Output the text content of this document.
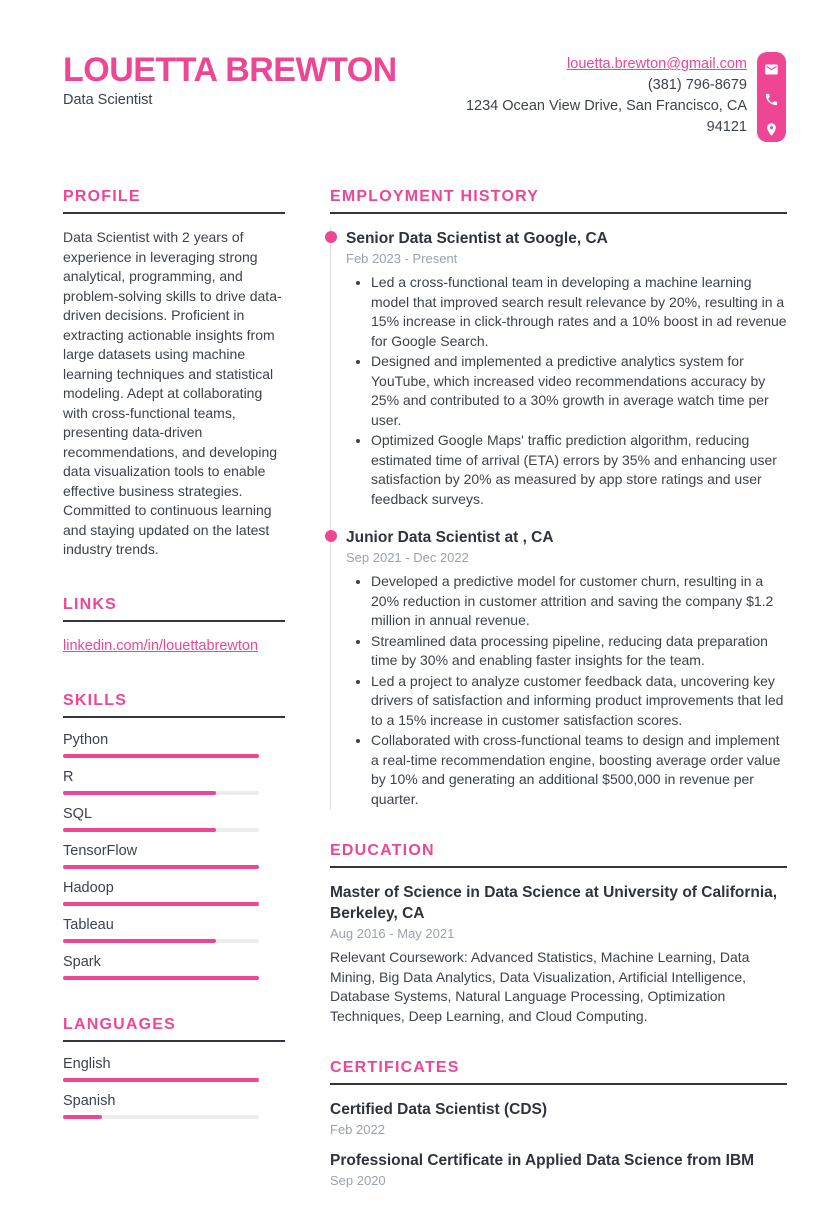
LOUETTA BREWTON
Data Scientist
louetta.brewton@gmail.com
(381) 796-8679
1234 Ocean View Drive, San Francisco, CA
94121
PROFILE

Data Scientist with 2 years of experience in leveraging strong analytical, programming, and problem-solving skills to drive data-driven decisions. Proficient in extracting actionable insights from large datasets using machine learning techniques and statistical modeling. Adept at collaborating with cross-functional teams, presenting data-driven recommendations, and developing data visualization tools to enable effective business strategies. Committed to continuous learning and staying updated on the latest industry trends.

LINKS
linkedin.com/in/louettabrewton
SKILLS
Python
R
SQL
TensorFlow
Hadoop
Tableau
Spark
LANGUAGES
English
Spanish
EMPLOYMENT HISTORY
Senior Data Scientist at Google, CA
Feb 2023 - Present
• Led a cross-functional team in developing a machine learning model that improved search result relevance by 20%, resulting in a 15% increase in click-through rates and a 10% boost in ad revenue for Google Search.
• Designed and implemented a predictive analytics system for YouTube, which increased video recommendations accuracy by 25% and contributed to a 30% growth in average watch time per user.
• Optimized Google Maps' traffic prediction algorithm, reducing estimated time of arrival (ETA) errors by 35% and enhancing user satisfaction by 20% as measured by app store ratings and user feedback surveys.
Junior Data Scientist at , CA
Sep 2021 - Dec 2022
• Developed a predictive model for customer churn, resulting in a 20% reduction in customer attrition and saving the company $1.2 million in annual revenue.
• Streamlined data processing pipeline, reducing data preparation time by 30% and enabling faster insights for the team.
• Led a project to analyze customer feedback data, uncovering key drivers of satisfaction and informing product improvements that led to a 15% increase in customer satisfaction scores.
• Collaborated with cross-functional teams to design and implement a real-time recommendation engine, boosting average order value by 10% and generating an additional $500,000 in revenue per quarter.
EDUCATION
Master of Science in Data Science at University of California, Berkeley, CA
Aug 2016 - May 2021

Relevant Coursework: Advanced Statistics, Machine Learning, Data Mining, Big Data Analytics, Data Visualization, Artificial Intelligence, Database Systems, Natural Language Processing, Optimization Techniques, Deep Learning, and Cloud Computing.

CERTIFICATES
Certified Data Scientist (CDS)
Feb 2022
Professional Certificate in Applied Data Science from IBM
Sep 2020
